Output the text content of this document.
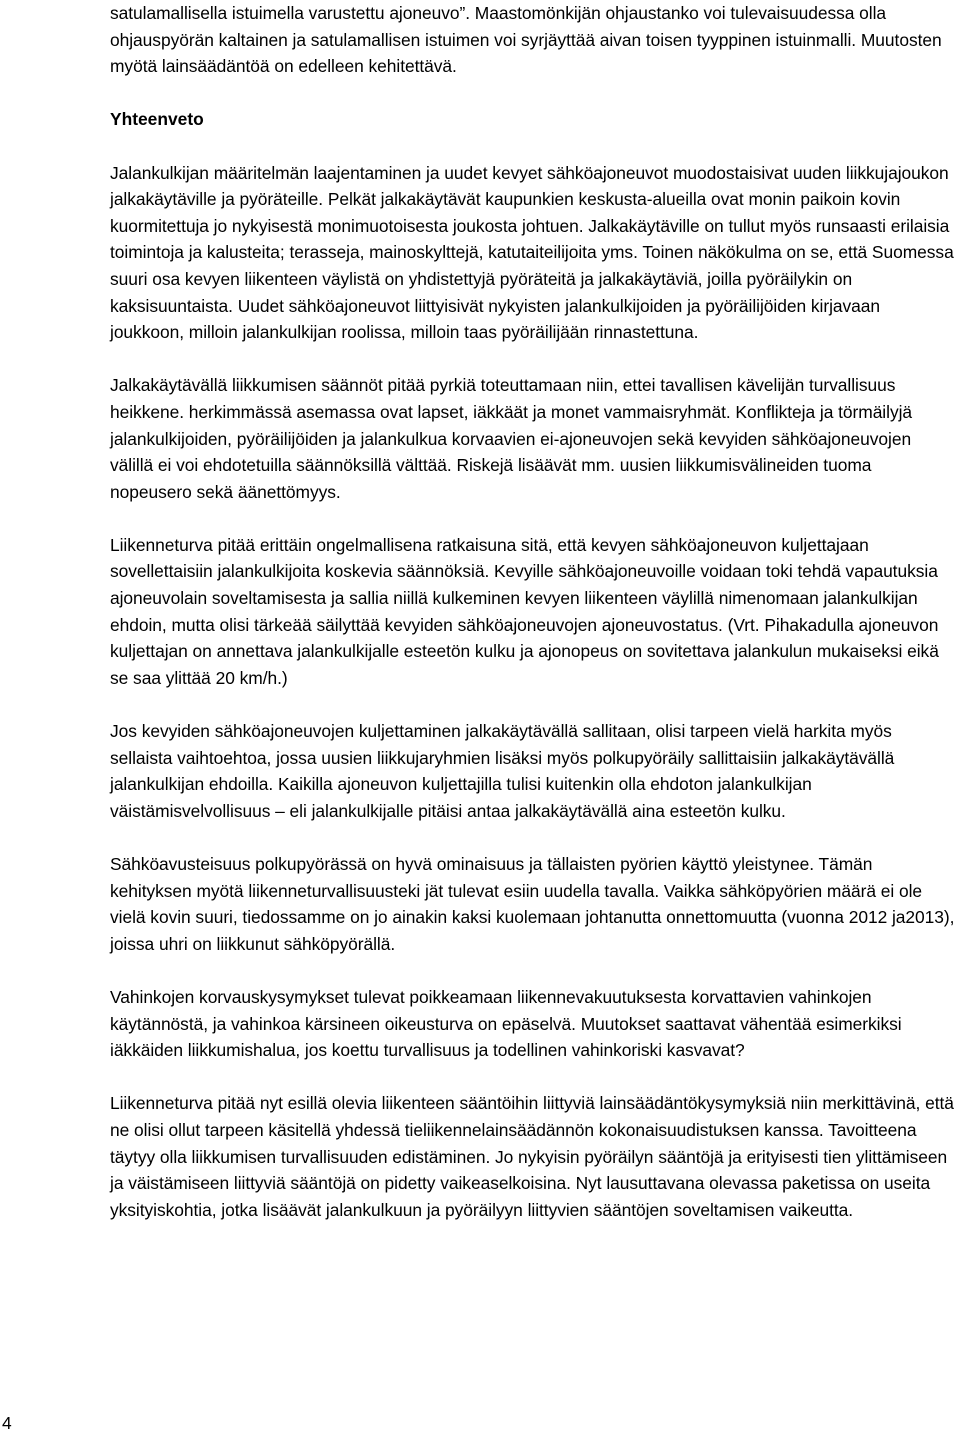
satulamallisella istuimella varustettu ajoneuvo”. Maastomönkijän ohjaustanko voi tulevaisuudessa olla ohjauspyörän kaltainen ja satulamallisen istuimen voi syrjäyttää aivan toisen tyyppinen istuinmalli. Muutosten myötä lainsäädäntöä on edelleen kehitettävä.

Yhteenveto

Jalankulkijan määritelmän laajentaminen ja uudet kevyet sähköajoneuvot muodostaisivat uuden liikkujajoukon jalkakäytäville ja pyöräteille. Pelkät jalkakäytävät kaupunkien keskusta-alueilla ovat monin paikoin kovin kuormitettuja jo nykyisestä monimuotoisesta joukosta johtuen. Jalkakäytäville on tullut myös runsaasti erilaisia toimintoja ja kalusteita; terasseja, mainoskylttejä, katutaiteilijoita yms. Toinen näkökulma on se, että Suomessa suuri osa kevyen liikenteen väylistä on yhdistettyjä pyöräteitä ja jalkakäytäviä, joilla pyöräilykin on kaksisuuntaista. Uudet sähköajoneuvot liittyisivät nykyisten jalankulkijoiden ja pyöräilijöiden kirjavaan joukkoon, milloin jalankulkijan roolissa, milloin taas pyöräilijään rinnastettuna.

Jalkakäytävällä liikkumisen säännöt pitää pyrkiä toteuttamaan niin, ettei tavallisen kävelijän turvallisuus heikkene. herkimmässä asemassa ovat lapset, iäkkäät ja monet vammaisryhmät. Konflikteja ja törmäilyjä jalankulkijoiden, pyöräilijöiden ja jalankulkua korvaavien ei-ajoneuvojen sekä kevyiden sähköajoneuvojen välillä ei voi ehdotetuilla säännöksillä välttää. Riskejä lisäävät mm. uusien liikkumisvälineiden tuoma nopeusero sekä äänettömyys.

Liikenneturva pitää erittäin ongelmallisena ratkaisuna sitä, että kevyen sähköajoneuvon kuljettajaan sovellettaisiin jalankulkijoita koskevia säännöksiä. Kevyille sähköajoneuvoille voidaan toki tehdä vapautuksia ajoneuvolain soveltamisesta ja sallia niillä kulkeminen kevyen liikenteen väylillä nimenomaan jalankulkijan ehdoin, mutta olisi tärkeää säilyttää kevyiden sähköajoneuvojen ajoneuvostatus. (Vrt. Pihakadulla ajoneuvon kuljettajan on annettava jalankulkijalle esteetön kulku ja ajonopeus on sovitettava jalankulun mukaiseksi eikä se saa ylittää 20 km/h.)

Jos kevyiden sähköajoneuvojen kuljettaminen jalkakäytävällä sallitaan, olisi tarpeen vielä harkita myös sellaista vaihtoehtoa, jossa uusien liikkujaryhmien lisäksi myös polkupyöräily sallittaisiin jalkakäytävällä jalankulkijan ehdoilla. Kaikilla ajoneuvon kuljettajilla tulisi kuitenkin olla ehdoton jalankulkijan väistämisvelvollisuus – eli jalankulkijalle pitäisi antaa jalkakäytävällä aina esteetön kulku.

Sähköavusteisuus polkupyörässä on hyvä ominaisuus ja tällaisten pyörien käyttö yleistynee. Tämän kehityksen myötä liikenneturvallisuusteki jät tulevat esiin uudella tavalla. Vaikka sähköpyörien määrä ei ole vielä kovin suuri, tiedossamme on jo ainakin kaksi kuolemaan johtanutta onnettomuutta (vuonna 2012 ja2013), joissa uhri on liikkunut sähköpyörällä.

Vahinkojen korvauskysymykset tulevat poikkeamaan liikennevakuutuksesta korvattavien vahinkojen käytännöstä, ja vahinkoa kärsineen oikeusturva on epäselvä. Muutokset saattavat vähentää esimerkiksi iäkkäiden liikkumishalua, jos koettu turvallisuus ja todellinen vahinkoriski kasvavat?

Liikenneturva pitää nyt esillä olevia liikenteen sääntöihin liittyviä lainsäädäntökysymyksiä niin merkittävinä, että ne olisi ollut tarpeen käsitellä yhdessä tieliikennelainsäädännön kokonaisuudistuksen kanssa. Tavoitteena täytyy olla liikkumisen turvallisuuden edistäminen. Jo nykyisin pyöräilyn sääntöjä ja erityisesti tien ylittämiseen ja väistämiseen liittyviä sääntöjä on pidetty vaikeaselkoisina. Nyt lausuttavana olevassa paketissa on useita yksityiskohtia, jotka lisäävät jalankulkuun ja pyöräilyyn liittyvien sääntöjen soveltamisen vaikeutta.

4
